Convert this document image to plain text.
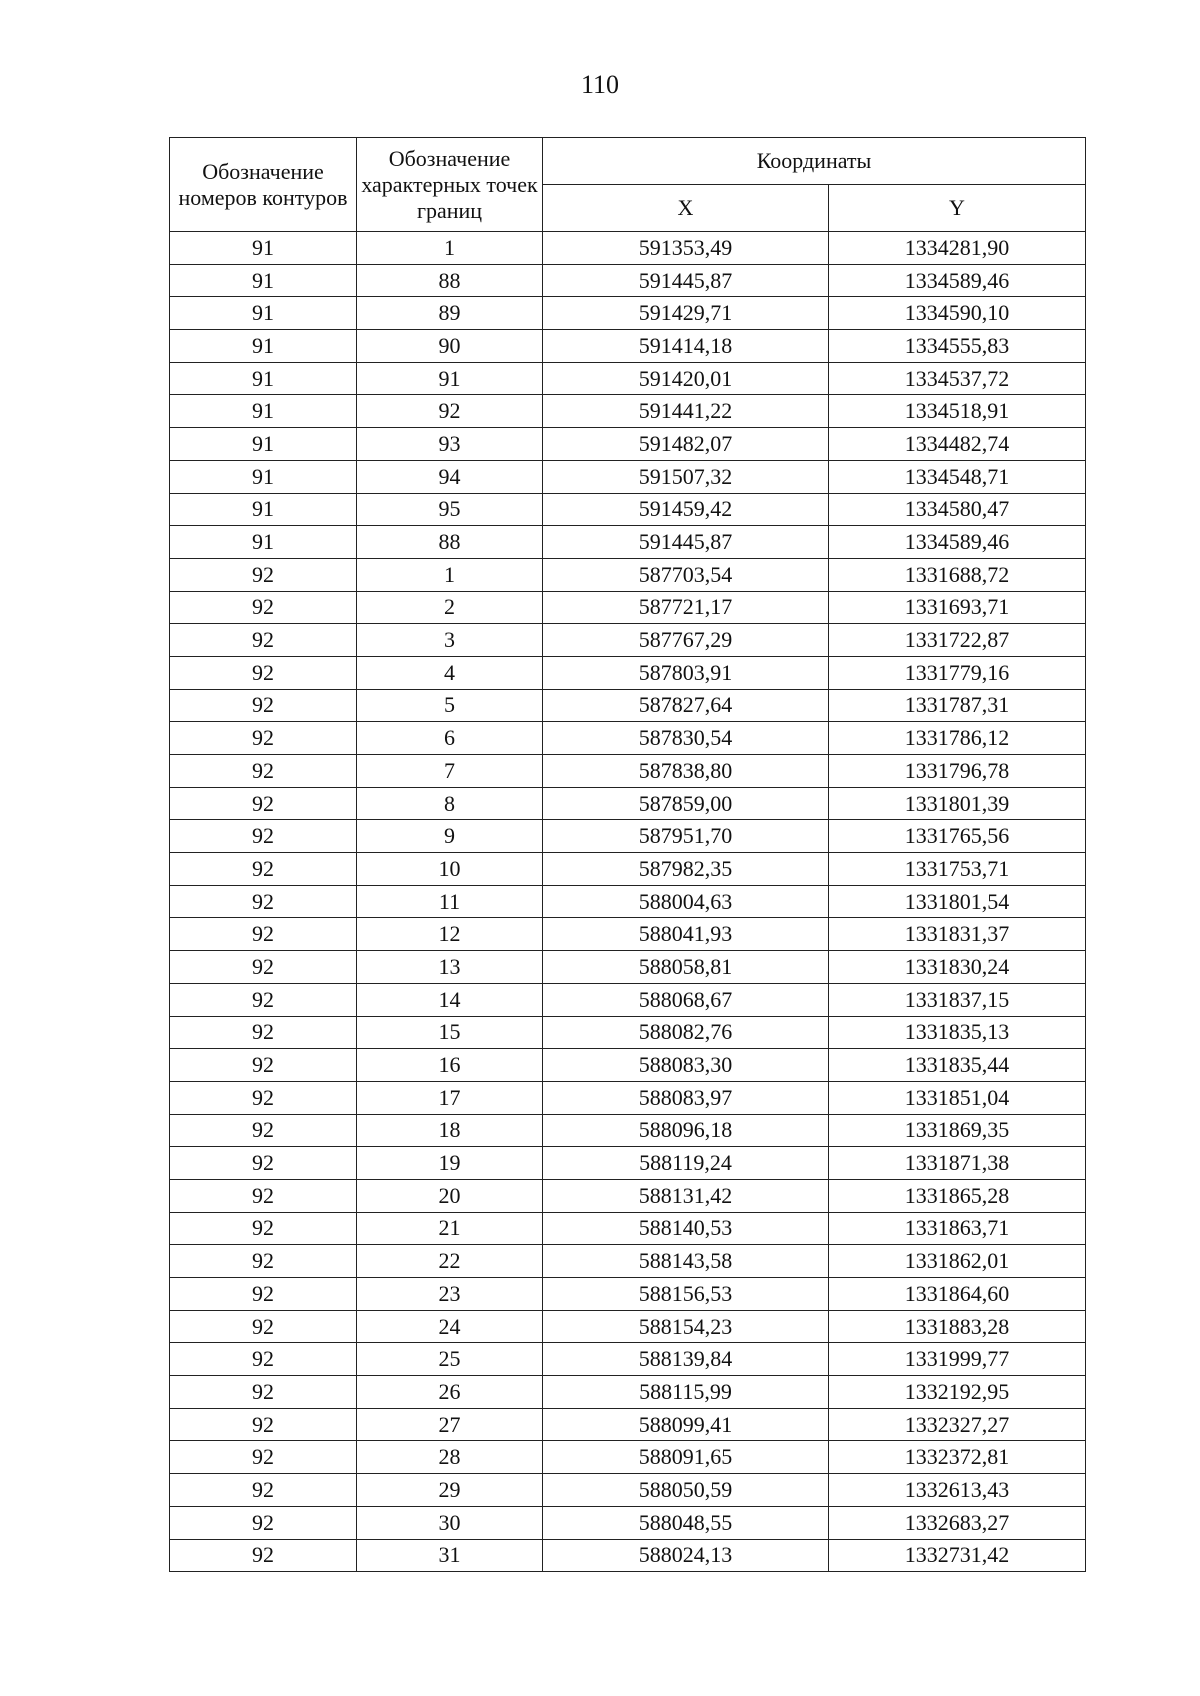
110
Обозначение номеров контуров	Обозначение характерных точек границ	Координаты	
		X	Y
91	1	591353,49	1334281,90
91	88	591445,87	1334589,46
91	89	591429,71	1334590,10
91	90	591414,18	1334555,83
91	91	591420,01	1334537,72
91	92	591441,22	1334518,91
91	93	591482,07	1334482,74
91	94	591507,32	1334548,71
91	95	591459,42	1334580,47
91	88	591445,87	1334589,46
92	1	587703,54	1331688,72
92	2	587721,17	1331693,71
92	3	587767,29	1331722,87
92	4	587803,91	1331779,16
92	5	587827,64	1331787,31
92	6	587830,54	1331786,12
92	7	587838,80	1331796,78
92	8	587859,00	1331801,39
92	9	587951,70	1331765,56
92	10	587982,35	1331753,71
92	11	588004,63	1331801,54
92	12	588041,93	1331831,37
92	13	588058,81	1331830,24
92	14	588068,67	1331837,15
92	15	588082,76	1331835,13
92	16	588083,30	1331835,44
92	17	588083,97	1331851,04
92	18	588096,18	1331869,35
92	19	588119,24	1331871,38
92	20	588131,42	1331865,28
92	21	588140,53	1331863,71
92	22	588143,58	1331862,01
92	23	588156,53	1331864,60
92	24	588154,23	1331883,28
92	25	588139,84	1331999,77
92	26	588115,99	1332192,95
92	27	588099,41	1332327,27
92	28	588091,65	1332372,81
92	29	588050,59	1332613,43
92	30	588048,55	1332683,27
92	31	588024,13	1332731,42
